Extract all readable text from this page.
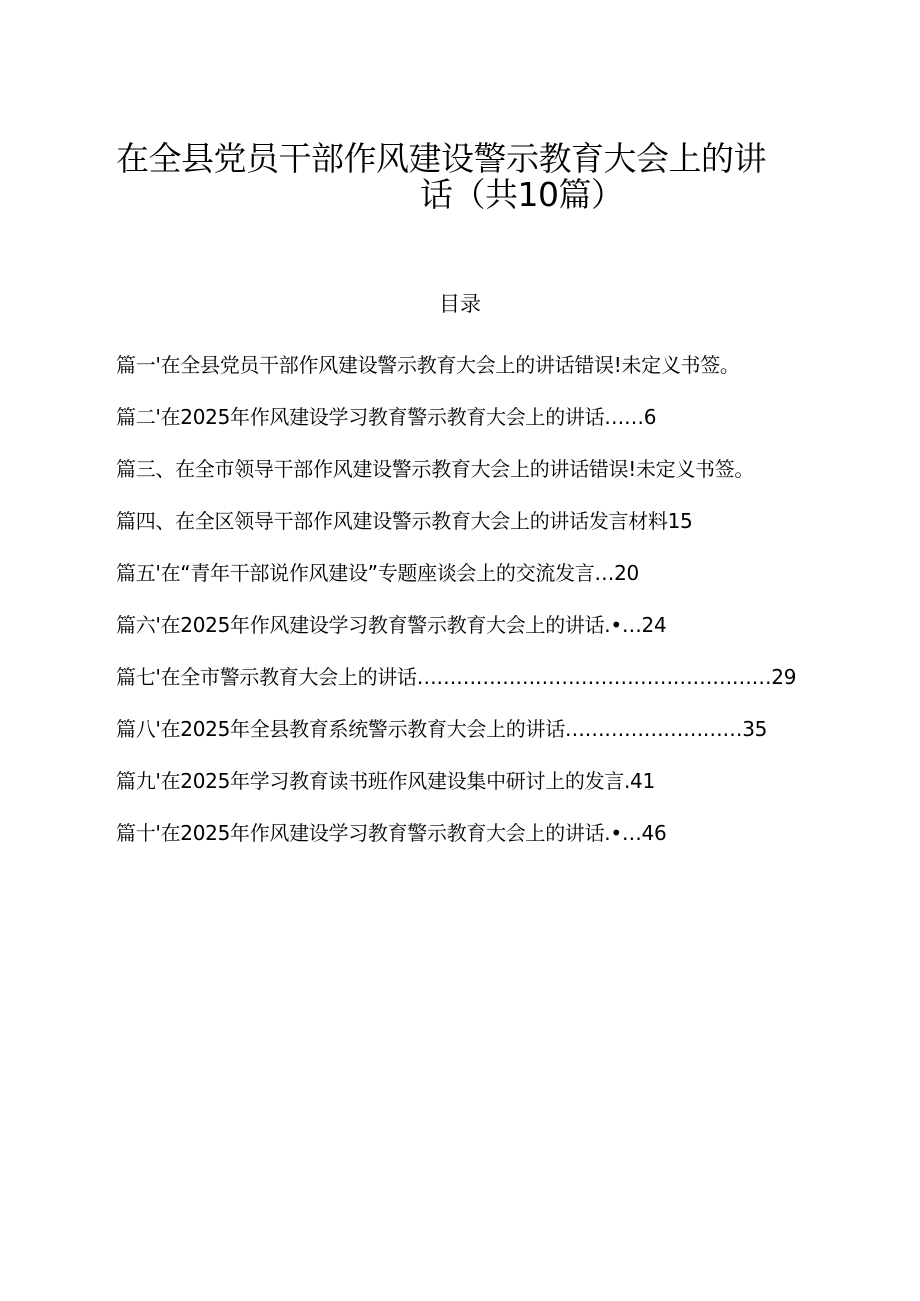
在全县党员干部作风建设警示教育大会上的讲
话（共10篇）
目录
篇一'在全县党员干部作风建设警示教育大会上的讲话错误!未定义书签。
篇二'在2025年作风建设学习教育警示教育大会上的讲话……6
篇三、在全市领导干部作风建设警示教育大会上的讲话错误!未定义书签。
篇四、在全区领导干部作风建设警示教育大会上的讲话发言材料15
篇五'在“青年干部说作风建设”专题座谈会上的交流发言…20
篇六'在2025年作风建设学习教育警示教育大会上的讲话.•…24
篇七'在全市警示教育大会上的讲话………………………………………………29
篇八'在2025年全县教育系统警示教育大会上的讲话………………………35
篇九'在2025年学习教育读书班作风建设集中研讨上的发言.41
篇十'在2025年作风建设学习教育警示教育大会上的讲话.•…46
